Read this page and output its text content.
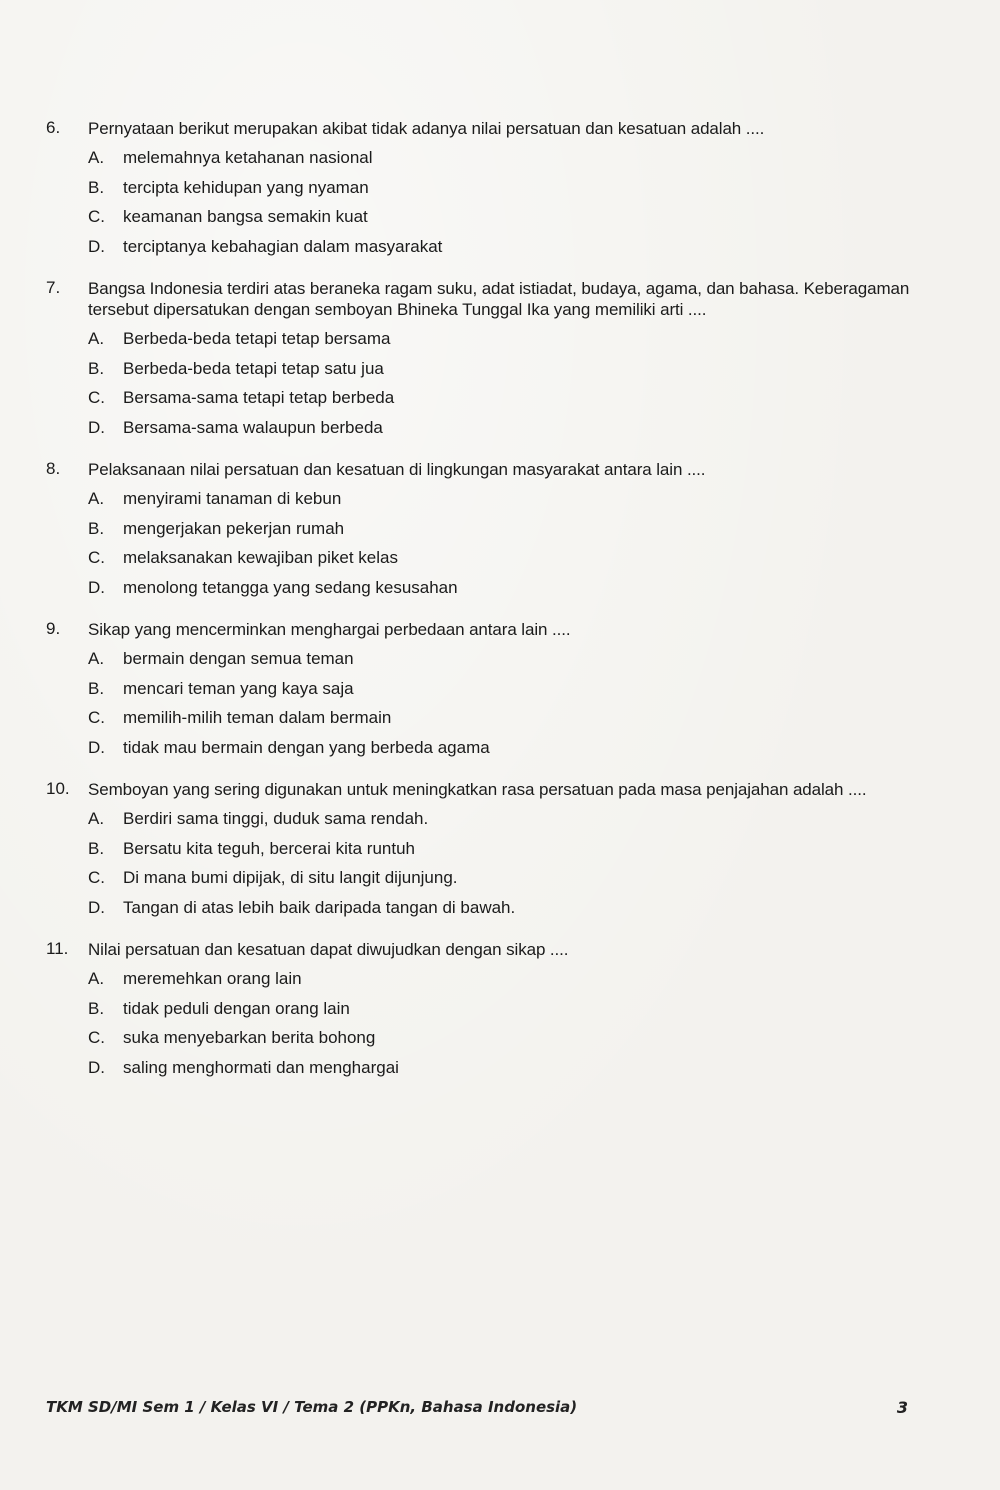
6.	Pernyataan berikut merupakan akibat tidak adanya nilai persatuan dan kesatuan adalah ....
A.	melemahnya ketahanan nasional
B.	tercipta kehidupan yang nyaman
C.	keamanan bangsa semakin kuat
D.	terciptanya kebahagian dalam masyarakat
7.	Bangsa Indonesia terdiri atas beraneka ragam suku, adat istiadat, budaya, agama, dan bahasa. Keberagaman tersebut dipersatukan dengan semboyan Bhineka Tunggal Ika yang memiliki arti ....
A.	Berbeda-beda tetapi tetap bersama
B.	Berbeda-beda tetapi tetap satu jua
C.	Bersama-sama tetapi tetap berbeda
D.	Bersama-sama walaupun berbeda
8.	Pelaksanaan nilai persatuan dan kesatuan di lingkungan masyarakat antara lain ....
A.	menyirami tanaman di kebun
B.	mengerjakan pekerjan rumah
C.	melaksanakan kewajiban piket kelas
D.	menolong tetangga yang sedang kesusahan
9.	Sikap yang mencerminkan menghargai perbedaan antara lain ....
A.	bermain dengan semua teman
B.	mencari teman yang kaya saja
C.	memilih-milih teman dalam bermain
D.	tidak mau bermain dengan yang berbeda agama
10.	Semboyan yang sering digunakan untuk meningkatkan rasa persatuan pada masa penjajahan adalah ....
A.	Berdiri sama tinggi, duduk sama rendah.
B.	Bersatu kita teguh, bercerai kita runtuh
C.	Di mana bumi dipijak, di situ langit dijunjung.
D.	Tangan di atas lebih baik daripada tangan di bawah.
11.	Nilai persatuan dan kesatuan dapat diwujudkan dengan sikap ....
A.	meremehkan orang lain
B.	tidak peduli dengan orang lain
C.	suka menyebarkan berita bohong
D.	saling menghormati dan menghargai
TKM SD/MI Sem 1 / Kelas VI / Tema 2 (PPKn, Bahasa Indonesia)	3
